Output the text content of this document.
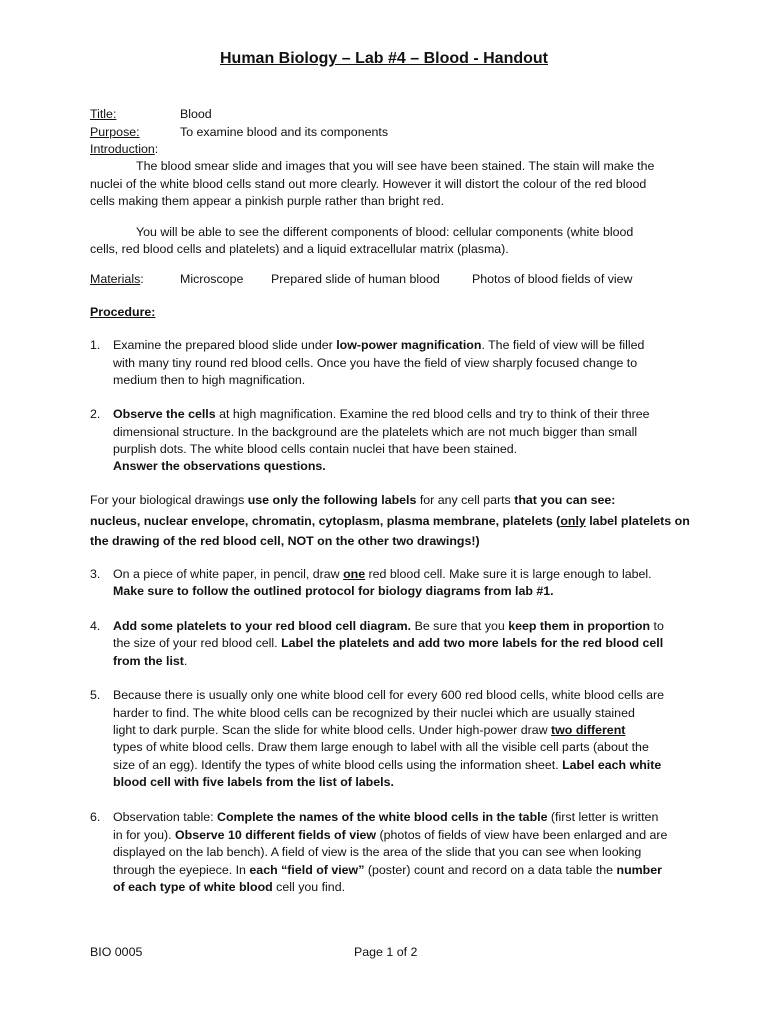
Human Biology – Lab #4 – Blood - Handout
Title:	Blood
Purpose:	To examine blood and its components
Introduction:
The blood smear slide and images that you will see have been stained. The stain will make the
nuclei of the white blood cells stand out more clearly. However it will distort the colour of the red blood
cells making them appear a pinkish purple rather than bright red.
You will be able to see the different components of blood: cellular components (white blood
cells, red blood cells and platelets) and a liquid extracellular matrix (plasma).
Materials:	Microscope Prepared slide of human blood	Photos of blood fields of view
Procedure:
1.	Examine the prepared blood slide under low-power magnification. The field of view will be filled
with many tiny round red blood cells. Once you have the field of view sharply focused change to
medium then to high magnification.
2.	Observe the cells at high magnification. Examine the red blood cells and try to think of their three
dimensional structure. In the background are the platelets which are not much bigger than small
purplish dots. The white blood cells contain nuclei that have been stained.
Answer the observations questions.
For your biological drawings use only the following labels for any cell parts that you can see:
nucleus, nuclear envelope, chromatin, cytoplasm, plasma membrane, platelets (only label platelets on
the drawing of the red blood cell, NOT on the other two drawings!)
3.	On a piece of white paper, in pencil, draw one red blood cell. Make sure it is large enough to label.
Make sure to follow the outlined protocol for biology diagrams from lab #1.
4.	Add some platelets to your red blood cell diagram. Be sure that you keep them in proportion to
the size of your red blood cell. Label the platelets and add two more labels for the red blood cell
from the list.
5.	Because there is usually only one white blood cell for every 600 red blood cells, white blood cells are
harder to find. The white blood cells can be recognized by their nuclei which are usually stained
light to dark purple. Scan the slide for white blood cells. Under high-power draw two different
types of white blood cells. Draw them large enough to label with all the visible cell parts (about the
size of an egg). Identify the types of white blood cells using the information sheet. Label each white
blood cell with five labels from the list of labels.
6.	Observation table: Complete the names of the white blood cells in the table (first letter is written
in for you). Observe 10 different fields of view (photos of fields of view have been enlarged and are
displayed on the lab bench). A field of view is the area of the slide that you can see when looking
through the eyepiece. In each “field of view” (poster) count and record on a data table the number
of each type of white blood cell you find.
BIO 0005	Page 1 of 2
